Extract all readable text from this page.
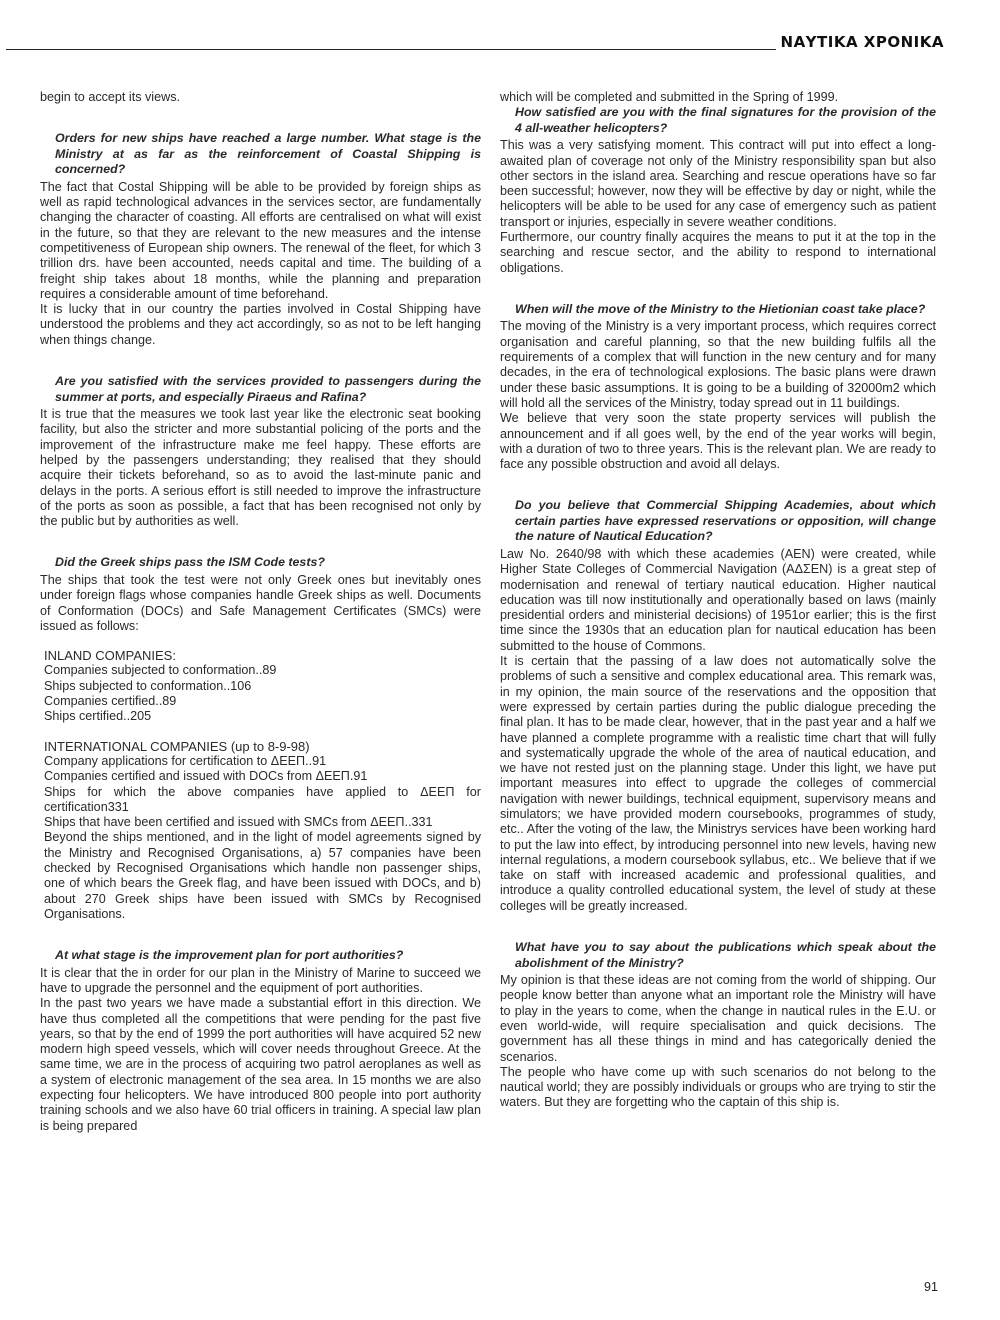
ΝΑΥΤΙΚΑ ΧΡΟΝΙΚΑ

begin to accept its views.

Orders for new ships have reached a large number. What stage is the Ministry at as far as the reinforcement of Coastal Shipping is concerned?

The fact that Costal Shipping will be able to be provided by foreign ships as well as rapid technological advances in the services sector, are fundamentally changing the character of coasting. All efforts are centralised on what will exist in the future, so that they are relevant to the new measures and the intense competitiveness of European ship owners. The renewal of the fleet, for which 3 trillion drs. have been accounted, needs capital and time. The building of a freight ship takes about 18 months, while the planning and preparation requires a considerable amount of time beforehand.

It is lucky that in our country the parties involved in Costal Shipping have understood the problems and they act accordingly, so as not to be left hanging when things change.

Are you satisfied with the services provided to passengers during the summer at ports, and especially Piraeus and Rafina?

It is true that the measures we took last year like the electronic seat booking facility, but also the stricter and more substantial policing of the ports and the improvement of the infrastructure make me feel happy. These efforts are helped by the passengers understanding; they realised that they should acquire their tickets beforehand, so as to avoid the last-minute panic and delays in the ports. A serious effort is still needed to improve the infrastructure of the ports as soon as possible, a fact that has been recognised not only by the public but by authorities as well.

Did the Greek ships pass the ISM Code tests?

The ships that took the test were not only Greek ones but inevitably ones under foreign flags whose companies handle Greek ships as well. Documents of Conformation (DOCs) and Safe Management Certificates (SMCs) were issued as follows:

INLAND COMPANIES:

Companies subjected to conformation..89

Ships subjected to conformation..106

Companies certified..89

Ships certified..205

INTERNATIONAL COMPANIES (up to 8-9-98)

Company applications for certification to ΔΕΕΠ..91

Companies certified and issued with DOCs from ΔΕΕΠ.91

Ships for which the above companies have applied to ΔΕΕΠ for certification331

Ships that have been certified and issued with SMCs from ΔΕΕΠ..331

Beyond the ships mentioned, and in the light of model agreements signed by the Ministry and Recognised Organisations, a) 57 companies have been checked by Recognised Organisations which handle non passenger ships, one of which bears the Greek flag, and have been issued with DOCs, and b) about 270 Greek ships have been issued with SMCs by Recognised Organisations.

At what stage is the improvement plan for port authorities?

It is clear that the in order for our plan in the Ministry of Marine to succeed we have to upgrade the personnel and the equipment of port authorities.

In the past two years we have made a substantial effort in this direction. We have thus completed all the competitions that were pending for the past five years, so that by the end of 1999 the port authorities will have acquired 52 new modern high speed vessels, which will cover needs throughout Greece. At the same time, we are in the process of acquiring two patrol aeroplanes as well as a system of electronic management of the sea area. In 15 months we are also expecting four helicopters. We have introduced 800 people into port authority training schools and we also have 60 trial officers in training. A special law plan is being prepared

which will be completed and submitted in the Spring of 1999.

How satisfied are you with the final signatures for the provision of the 4 all-weather helicopters?

This was a very satisfying moment. This contract will put into effect a long-awaited plan of coverage not only of the Ministry responsibility span but also other sectors in the island area. Searching and rescue operations have so far been successful; however, now they will be effective by day or night, while the helicopters will be able to be used for any case of emergency such as patient transport or injuries, especially in severe weather conditions.

Furthermore, our country finally acquires the means to put it at the top in the searching and rescue sector, and the ability to respond to international obligations.

When will the move of the Ministry to the Hietionian coast take place?

The moving of the Ministry is a very important process, which requires correct organisation and careful planning, so that the new building fulfils all the requirements of a complex that will function in the new century and for many decades, in the era of technological explosions. The basic plans were drawn under these basic assumptions. It is going to be a building of 32000m2 which will hold all the services of the Ministry, today spread out in 11 buildings.

We believe that very soon the state property services will publish the announcement and if all goes well, by the end of the year works will begin, with a duration of two to three years. This is the relevant plan. We are ready to face any possible obstruction and avoid all delays.

Do you believe that Commercial Shipping Academies, about which certain parties have expressed reservations or opposition, will change the nature of Nautical Education?

Law No. 2640/98 with which these academies (AEN) were created, while Higher State Colleges of Commercial Navigation (ΑΔΣΕΝ) is a great step of modernisation and renewal of tertiary nautical education. Higher nautical education was till now institutionally and operationally based on laws (mainly presidential orders and ministerial decisions) of 1951or earlier; this is the first time since the 1930s that an education plan for nautical education has been submitted to the house of Commons.

It is certain that the passing of a law does not automatically solve the problems of such a sensitive and complex educational area. This remark was, in my opinion, the main source of the reservations and the opposition that were expressed by certain parties during the public dialogue preceding the final plan. It has to be made clear, however, that in the past year and a half we have planned a complete programme with a realistic time chart that will fully and systematically upgrade the whole of the area of nautical education, and we have not rested just on the planning stage. Under this light, we have put important measures into effect to upgrade the colleges of commercial navigation with newer buildings, technical equipment, supervisory means and simulators; we have provided modern coursebooks, programmes of study, etc.. After the voting of the law, the Ministrys services have been working hard to put the law into effect, by introducing personnel into new levels, having new internal regulations, a modern coursebook syllabus, etc.. We believe that if we take on staff with increased academic and professional qualities, and introduce a quality controlled educational system, the level of study at these colleges will be greatly increased.

What have you to say about the publications which speak about the abolishment of the Ministry?

My opinion is that these ideas are not coming from the world of shipping. Our people know better than anyone what an important role the Ministry will have to play in the years to come, when the change in nautical rules in the E.U. or even world-wide, will require specialisation and quick decisions. The government has all these things in mind and has categorically denied the scenarios.

The people who have come up with such scenarios do not belong to the nautical world; they are possibly individuals or groups who are trying to stir the waters. But they are forgetting who the captain of this ship is.

91
